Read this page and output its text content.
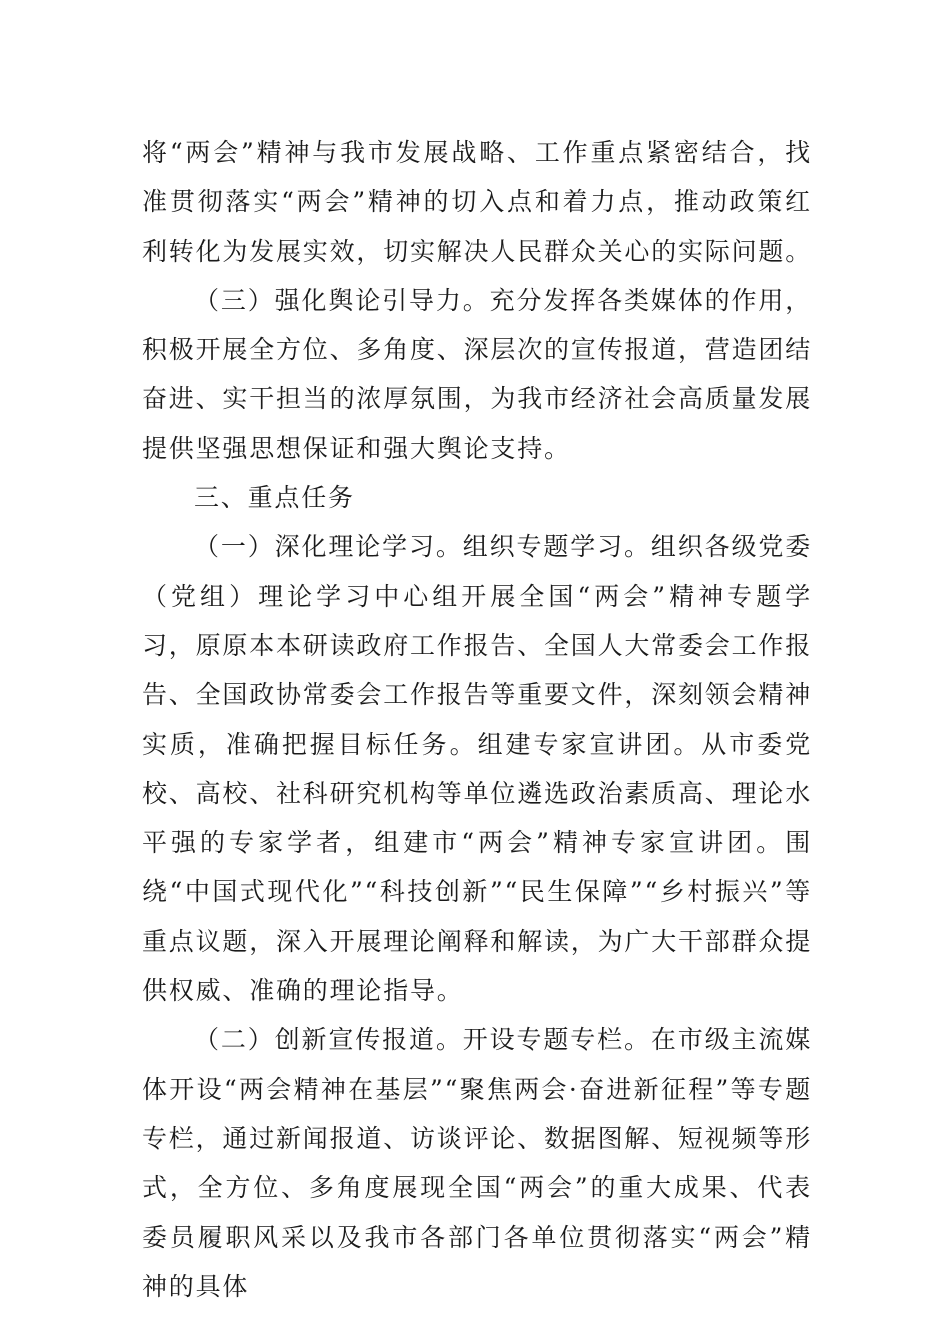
将“两会”精神与我市发展战略、工作重点紧密结合，找准贯彻落实“两会”精神的切入点和着力点，推动政策红利转化为发展实效，切实解决人民群众关心的实际问题。

（三）强化舆论引导力。充分发挥各类媒体的作用，积极开展全方位、多角度、深层次的宣传报道，营造团结奋进、实干担当的浓厚氛围，为我市经济社会高质量发展提供坚强思想保证和强大舆论支持。

三、重点任务

（一）深化理论学习。组织专题学习。组织各级党委（党组）理论学习中心组开展全国“两会”精神专题学习，原原本本研读政府工作报告、全国人大常委会工作报告、全国政协常委会工作报告等重要文件，深刻领会精神实质，准确把握目标任务。组建专家宣讲团。从市委党校、高校、社科研究机构等单位遴选政治素质高、理论水平强的专家学者，组建市“两会”精神专家宣讲团。围绕“中国式现代化”“科技创新”“民生保障”“乡村振兴”等重点议题，深入开展理论阐释和解读，为广大干部群众提供权威、准确的理论指导。

（二）创新宣传报道。开设专题专栏。在市级主流媒体开设“两会精神在基层”“聚焦两会·奋进新征程”等专题专栏，通过新闻报道、访谈评论、数据图解、短视频等形式，全方位、多角度展现全国“两会”的重大成果、代表委员履职风采以及我市各部门各单位贯彻落实“两会”精神的具体
